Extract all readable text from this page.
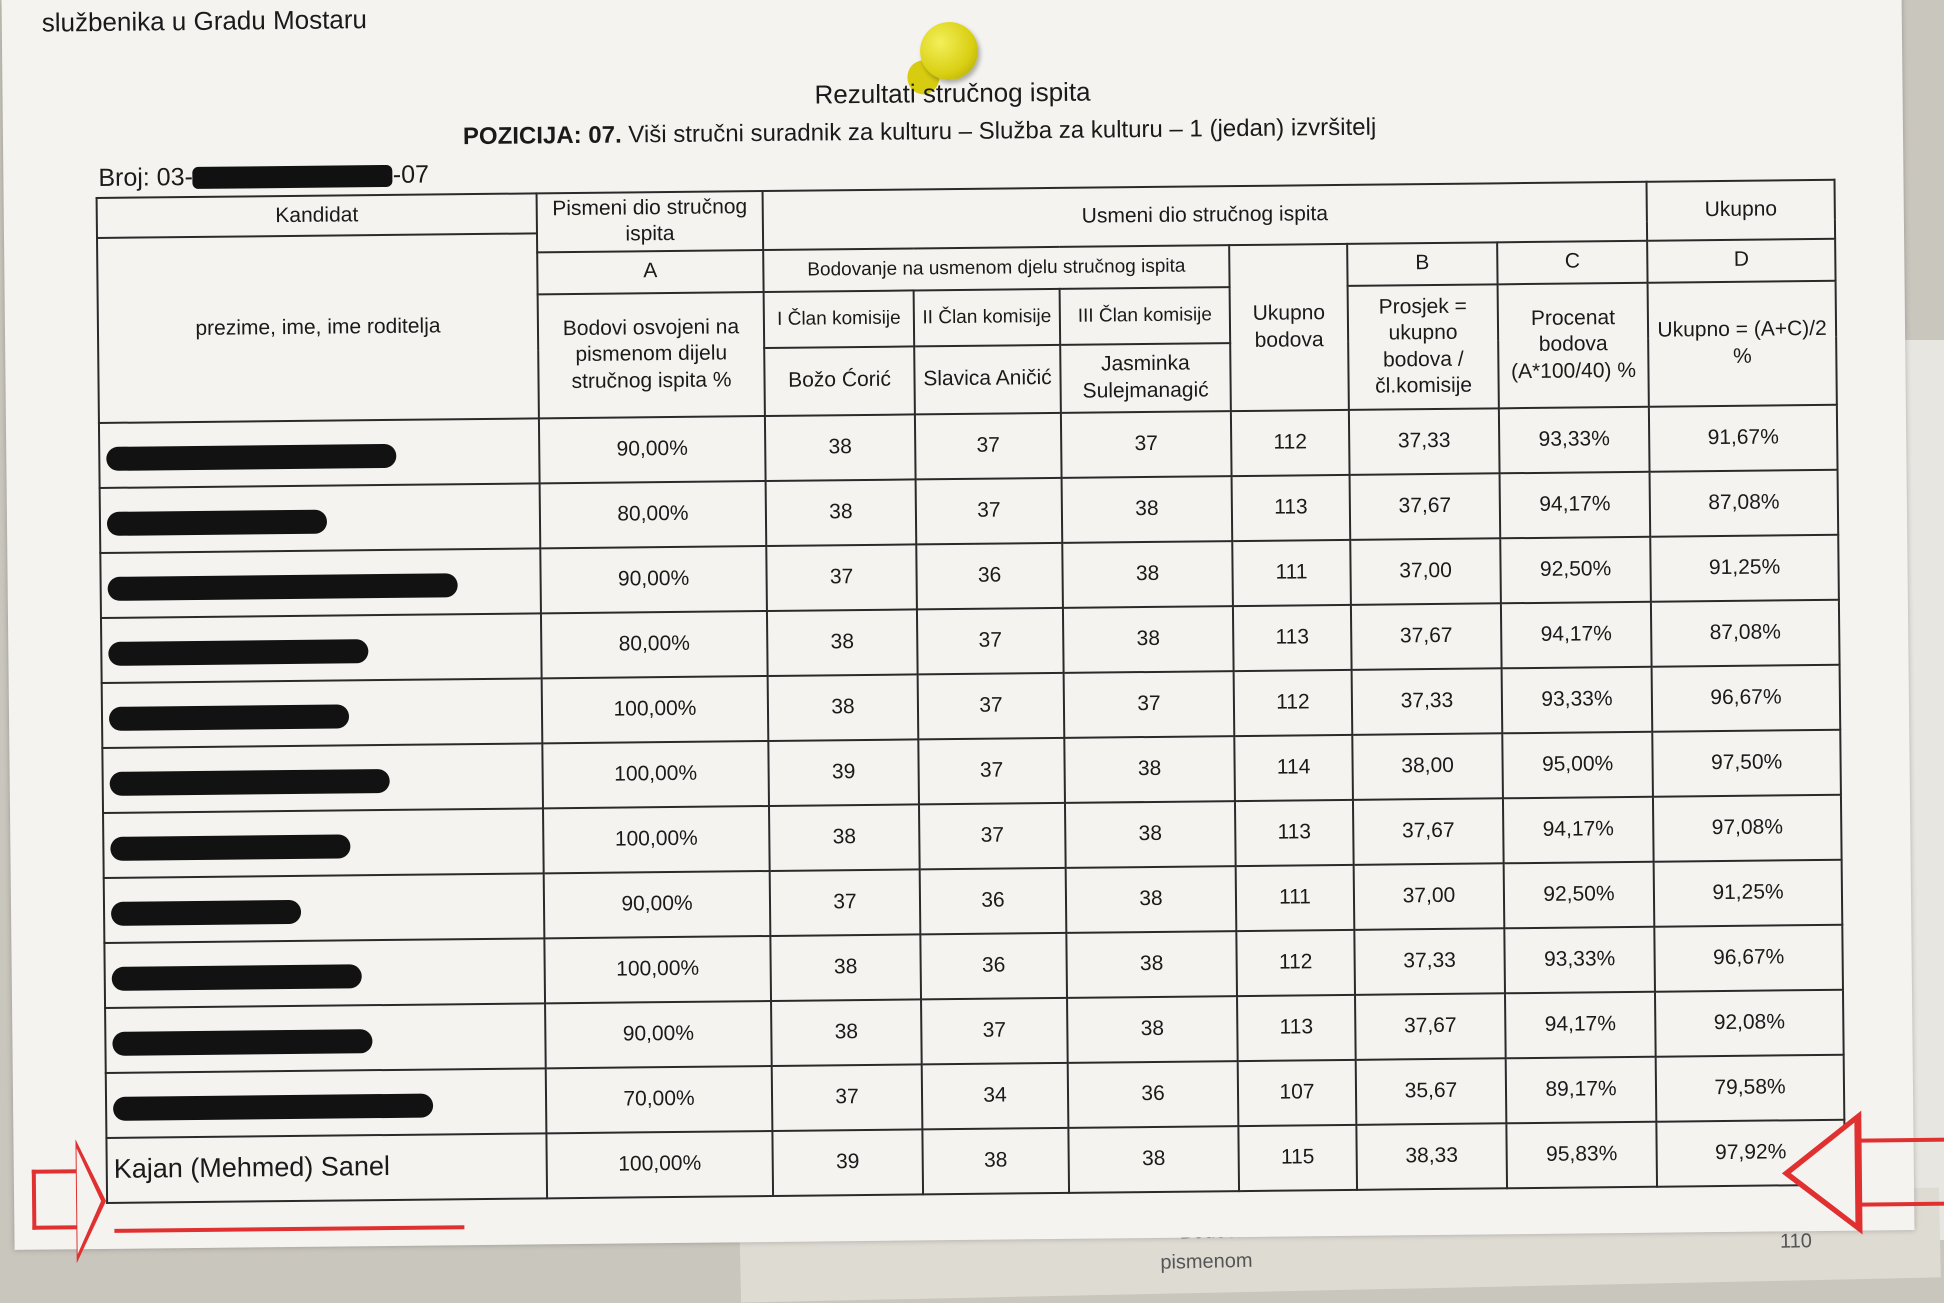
pismenom
110
službenika u Gradu Mostaru
Rezultati stručnog ispita
POZICIJA: 07. Viši stručni suradnik za kulturu – Služba za kulturu – 1 (jedan) izvršitelj
Broj: 03-	-07
Kandidat	Pismeni dio stručnog ispita	Usmeni dio stručnog ispita						Ukupno
prezime, ime, ime roditelja								
	A	Bodovanje na usmenom djelu stručnog ispita			Ukupno bodova	B	C	D
	Bodovi osvojeni na pismenom dijelu stručnog ispita %	I Član komisije	II Član komisije	III Član komisije		Prosjek = ukupno bodova / čl.komisije	Procenat bodova (A*100/40) %	Ukupno = (A+C)/2 %
		Božo Ćorić	Slavica Aničić	Jasminka Sulejmanagić				

	90,00%	38	37	37	112	37,33	93,33%	91,67%

	80,00%	38	37	38	113	37,67	94,17%	87,08%

	90,00%	37	36	38	111	37,00	92,50%	91,25%

	80,00%	38	37	38	113	37,67	94,17%	87,08%

	100,00%	38	37	37	112	37,33	93,33%	96,67%

	100,00%	39	37	38	114	38,00	95,00%	97,50%

	100,00%	38	37	38	113	37,67	94,17%	97,08%

	90,00%	37	36	38	111	37,00	92,50%	91,25%

	100,00%	38	36	38	112	37,33	93,33%	96,67%

	90,00%	38	37	38	113	37,67	94,17%	92,08%

	70,00%	37	34	36	107	35,67	89,17%	79,58%
Kajan (Mehmed) Sanel	100,00%	39	38	38	115	38,33	95,83%	97,92%
